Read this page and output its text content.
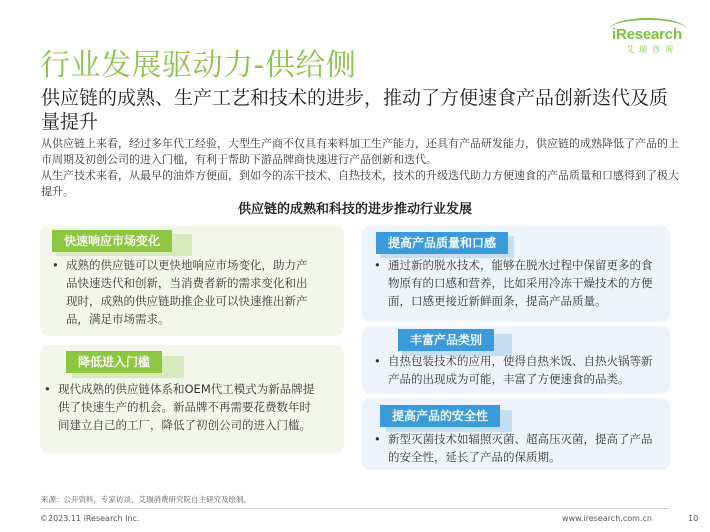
iResearch
艾瑞咨询
行业发展驱动力-供给侧
供应链的成熟、生产工艺和技术的进步，推动了方便速食产品创新迭代及质量提升

从供应链上来看，经过多年代工经验，大型生产商不仅具有来料加工生产能力，还具有产品研发能力，供应链的成熟降低了产品的上市周期及初创公司的进入门槛，有利于帮助下游品牌商快速进行产品创新和迭代。

从生产技术来看，从最早的油炸方便面，到如今的冻干技术、自热技术，技术的升级迭代助力方便速食的产品质量和口感得到了极大提升。

供应链的成熟和科技的进步推动行业发展
快速响应市场变化
• 成熟的供应链可以更快地响应市场变化，助力产
品快速迭代和创新，当消费者新的需求变化和出
现时，成熟的供应链助推企业可以快速推出新产
品，满足市场需求。
降低进入门槛
• 现代成熟的供应链体系和OEM代工模式为新品牌提
供了快速生产的机会。新品牌不再需要花费数年时
间建立自己的工厂，降低了初创公司的进入门槛。
提高产品质量和口感
• 通过新的脱水技术，能够在脱水过程中保留更多的食
物原有的口感和营养，比如采用冷冻干燥技术的方便
面，口感更接近新鲜面条，提高产品质量。
丰富产品类别
• 自热包装技术的应用，使得自热米饭、自热火锅等新
产品的出现成为可能，丰富了方便速食的品类。
提高产品的安全性
• 新型灭菌技术如辐照灭菌、超高压灭菌，提高了产品
的安全性，延长了产品的保质期。
来源：公开资料，专家访谈，艾瑞消费研究院自主研究及绘制。
©2023.11 iResearch Inc.	www.iresearch.com.cn	10
